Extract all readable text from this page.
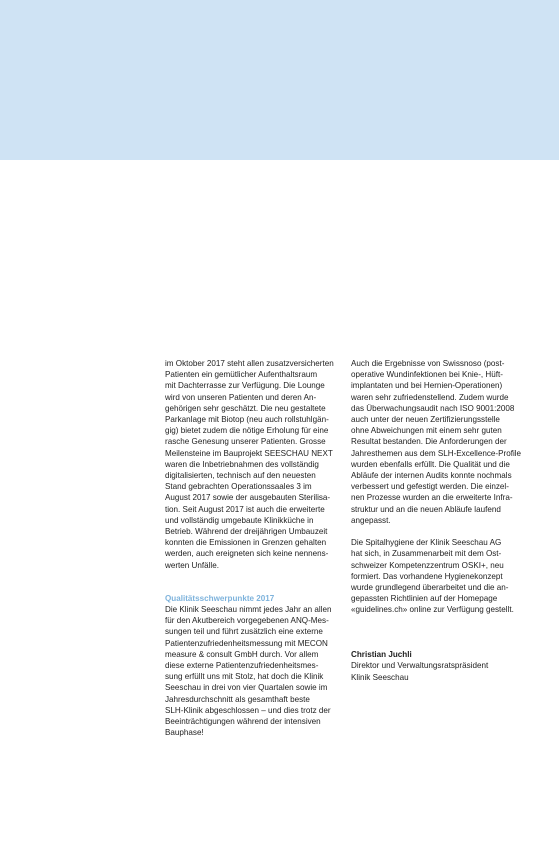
im Oktober 2017 steht allen zusatzversicherten
Patienten ein gemütlicher Aufenthaltsraum
mit Dachterrasse zur Verfügung. Die Lounge
wird von unseren Patienten und deren An-
gehörigen sehr geschätzt. Die neu gestaltete
Parkanlage mit Biotop (neu auch rollstuhlgän-
gig) bietet zudem die nötige Erholung für eine
rasche Genesung unserer Patienten. Grosse
Meilensteine im Bauprojekt SEESCHAU NEXT
waren die Inbetriebnahmen des vollständig
digitalisierten, technisch auf den neuesten
Stand gebrachten Operationssaales 3 im
August 2017 sowie der ausgebauten Sterilisa-
tion. Seit August 2017 ist auch die erweiterte
und vollständig umgebaute Klinikküche in
Betrieb. Während der dreijährigen Umbauzeit
konnten die Emissionen in Grenzen gehalten
werden, auch ereigneten sich keine nennens-
werten Unfälle.
Qualitätsschwerpunkte 2017
Die Klinik Seeschau nimmt jedes Jahr an allen
für den Akutbereich vorgegebenen ANQ-Mes-
sungen teil und führt zusätzlich eine externe
Patientenzufriedenheitsmessung mit MECON
measure & consult GmbH durch. Vor allem
diese externe Patientenzufriedenheitsmes-
sung erfüllt uns mit Stolz, hat doch die Klinik
Seeschau in drei von vier Quartalen sowie im
Jahresdurchschnitt als gesamthaft beste
SLH-Klinik abgeschlossen – und dies trotz der
Beeinträchtigungen während der intensiven
Bauphase!
Auch die Ergebnisse von Swissnoso (post-
operative Wundinfektionen bei Knie-, Hüft-
implantaten und bei Hernien-Operationen)
waren sehr zufriedenstellend. Zudem wurde
das Überwachungsaudit nach ISO 9001:2008
auch unter der neuen Zertifizierungsstelle
ohne Abweichungen mit einem sehr guten
Resultat bestanden. Die Anforderungen der
Jahresthemen aus dem SLH-Excellence-Profile
wurden ebenfalls erfüllt. Die Qualität und die
Abläufe der internen Audits konnte nochmals
verbessert und gefestigt werden. Die einzel-
nen Prozesse wurden an die erweiterte Infra-
struktur und an die neuen Abläufe laufend
angepasst.
Die Spitalhygiene der Klinik Seeschau AG
hat sich, in Zusammenarbeit mit dem Ost-
schweizer Kompetenzzentrum OSKI+, neu
formiert. Das vorhandene Hygienekonzept
wurde grundlegend überarbeitet und die an-
gepassten Richtlinien auf der Homepage
«guidelines.ch» online zur Verfügung gestellt.
Christian Juchli
Direktor und Verwaltungsratspräsident
Klinik Seeschau
